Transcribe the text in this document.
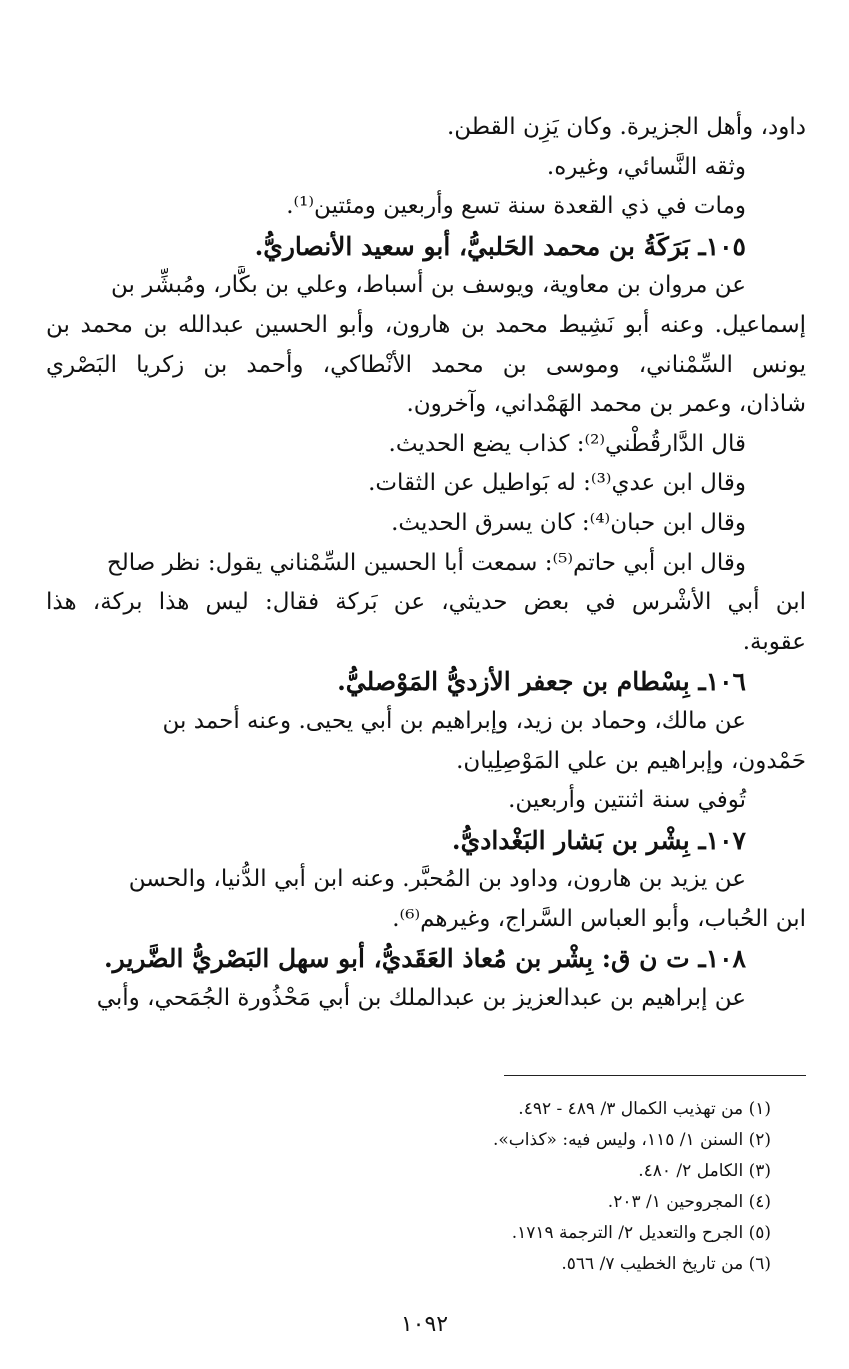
داود، وأهل الجزيرة. وكان يَزِن القطن.
وثقه النَّسائي، وغيره.
ومات في ذي القعدة سنة تسع وأربعين ومئتين⁽¹⁾.
١٠٥ـ بَرَكَةُ بن محمد الحَلبيُّ، أبو سعيد الأنصاريُّ.
عن مروان بن معاوية، ويوسف بن أسباط، وعلي بن بكَّار، ومُبشِّر بن
إسماعيل. وعنه أبو نَشِيط محمد بن هارون، وأبو الحسين عبدالله بن محمد بن
يونس السِّمْناني، وموسى بن محمد الأنْطاكي، وأحمد بن زكريا البَصْري
شاذان، وعمر بن محمد الهَمْداني، وآخرون.
قال الدَّارقُطْني⁽²⁾: كذاب يضع الحديث.
وقال ابن عدي⁽³⁾: له بَواطيل عن الثقات.
وقال ابن حبان⁽⁴⁾: كان يسرق الحديث.
وقال ابن أبي حاتم⁽⁵⁾: سمعت أبا الحسين السِّمْناني يقول: نظر صالح
ابن أبي الأشْرس في بعض حديثي، عن بَركة فقال: ليس هذا بركة، هذا
عقوبة.
١٠٦ـ بِسْطام بن جعفر الأزديُّ المَوْصليُّ.
عن مالك، وحماد بن زيد، وإبراهيم بن أبي يحيى. وعنه أحمد بن
حَمْدون، وإبراهيم بن علي المَوْصِلِيان.
تُوفي سنة اثنتين وأربعين.
١٠٧ـ بِشْر بن بَشار البَغْداديُّ.
عن يزيد بن هارون، وداود بن المُحبَّر. وعنه ابن أبي الدُّنيا، والحسن
ابن الحُباب، وأبو العباس السَّراج، وغيرهم⁽⁶⁾.
١٠٨ـ ت ن ق: بِشْر بن مُعاذ العَقَديُّ، أبو سهل البَصْريُّ الضَّرير.
عن إبراهيم بن عبدالعزيز بن عبدالملك بن أبي مَحْذُورة الجُمَحي، وأبي
(١) من تهذيب الكمال ٣/ ٤٨٩ - ٤٩٢.
(٢) السنن ١/ ١١٥، وليس فيه: «كذاب».
(٣) الكامل ٢/ ٤٨٠.
(٤) المجروحين ١/ ٢٠٣.
(٥) الجرح والتعديل ٢/ الترجمة ١٧١٩.
(٦) من تاريخ الخطيب ٧/ ٥٦٦.
١٠٩٢
